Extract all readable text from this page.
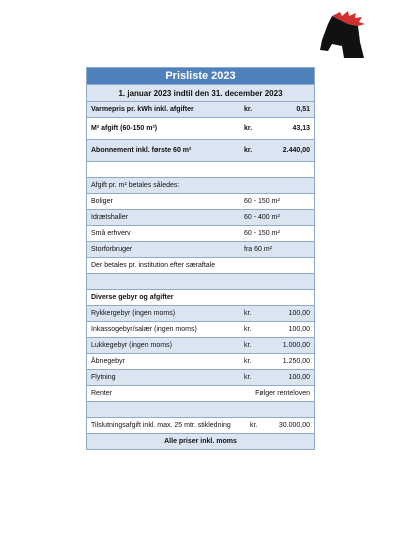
Prisliste 2023
1. januar 2023 indtil den 31. december 2023
Varmepris pr. kWh inkl. afgifter	kr.	0,51
M² afgift (60-150 m²)	kr.	43,13
Abonnement inkl. første 60 m²	kr.	2.440,00
Afgift pr. m² betales således:
Boliger	60 - 150 m²
Idrætshaller	60 - 400 m²
Små erhverv	60 - 150 m²
Storforbruger	fra 60 m²
Der betales pr. institution efter særaftale
Diverse gebyr og afgifter
Rykkergebyr (ingen moms)	kr.	100,00
Inkassogebyr/salær (ingen moms)	kr.	100,00
Lukkegebyr (ingen moms)	kr.	1.000,00
Åbnegebyr	kr.	1.250,00
Flytning	kr.	100,00
Renter	Følger renteloven
Tilslutningsafgift inkl. max. 25 mtr. stikledning	kr.	30.000,00
Alle priser inkl. moms
